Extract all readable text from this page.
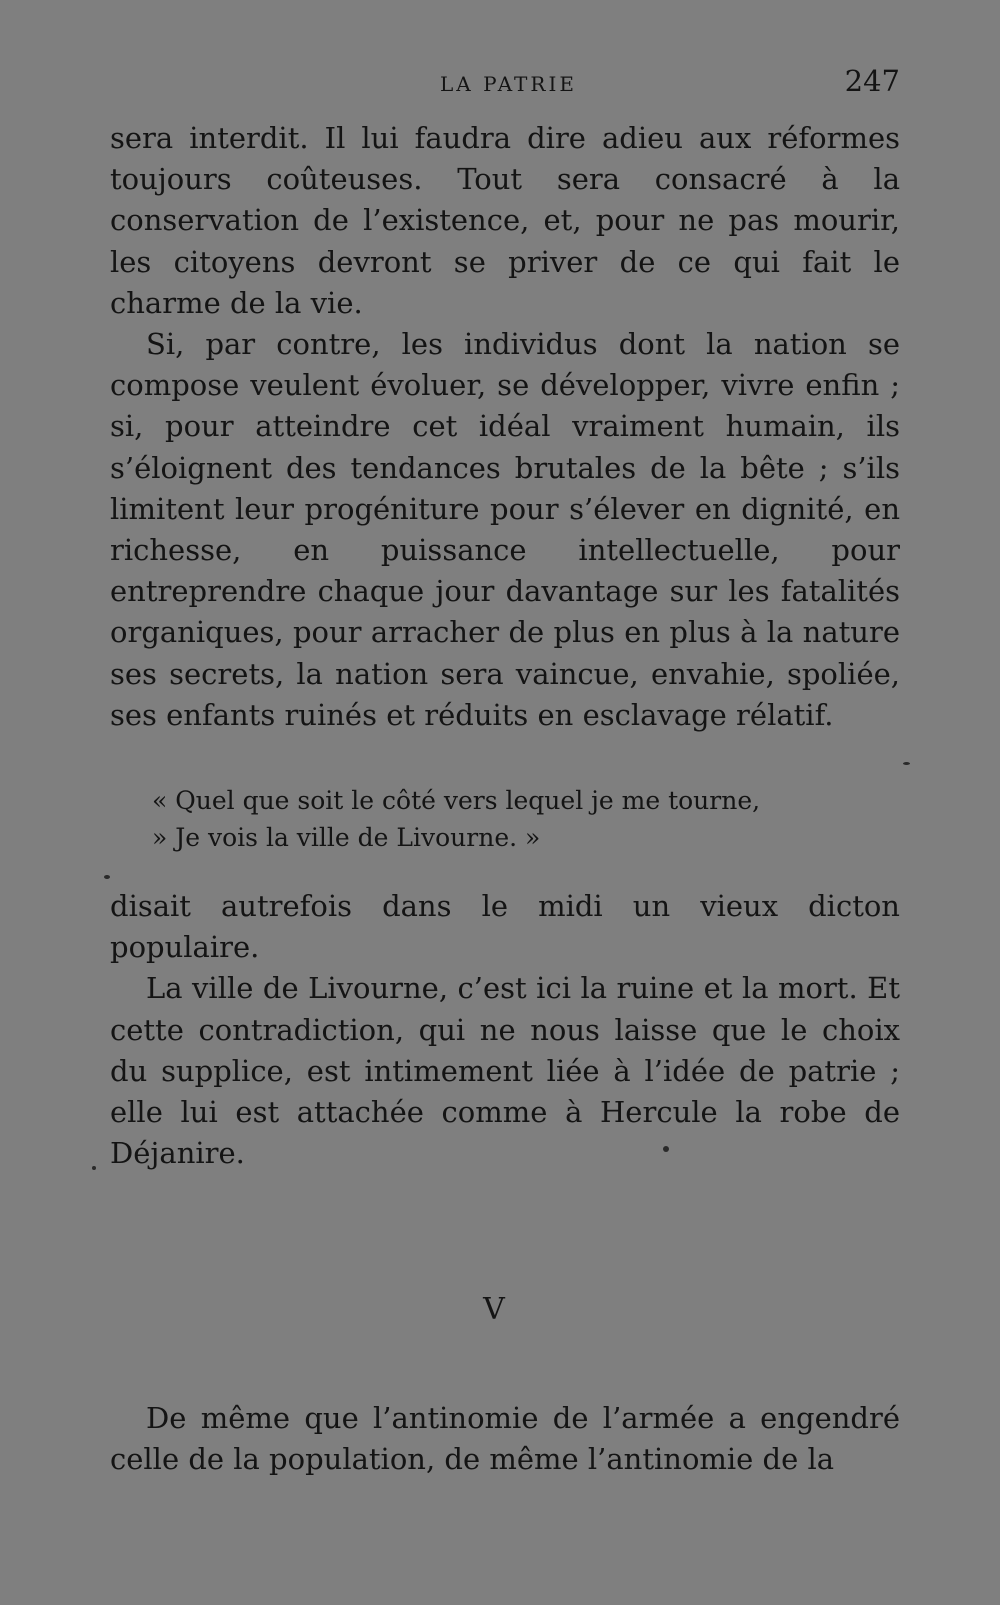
LA PATRIE	247

sera interdit. Il lui faudra dire adieu aux réformes toujours coûteuses. Tout sera consacré à la conservation de l’existence, et, pour ne pas mourir, les citoyens devront se priver de ce qui fait le charme de la vie.

Si, par contre, les individus dont la nation se compose veulent évoluer, se développer, vivre enfin ; si, pour atteindre cet idéal vraiment humain, ils s’éloignent des tendances brutales de la bête ; s’ils limitent leur progéniture pour s’élever en dignité, en richesse, en puissance intellectuelle, pour entreprendre chaque jour davantage sur les fatalités organiques, pour arracher de plus en plus à la nature ses secrets, la nation sera vaincue, envahie, spoliée, ses enfants ruinés et réduits en esclavage rélatif.

« Quel que soit le côté vers lequel je me tourne,
» Je vois la ville de Livourne. »

disait autrefois dans le midi un vieux dicton populaire.

La ville de Livourne, c’est ici la ruine et la mort. Et cette contradiction, qui ne nous laisse que le choix du supplice, est intimement liée à l’idée de patrie ; elle lui est attachée comme à Hercule la robe de Déjanire.

V

De même que l’antinomie de l’armée a engendré celle de la population, de même l’antinomie de la
